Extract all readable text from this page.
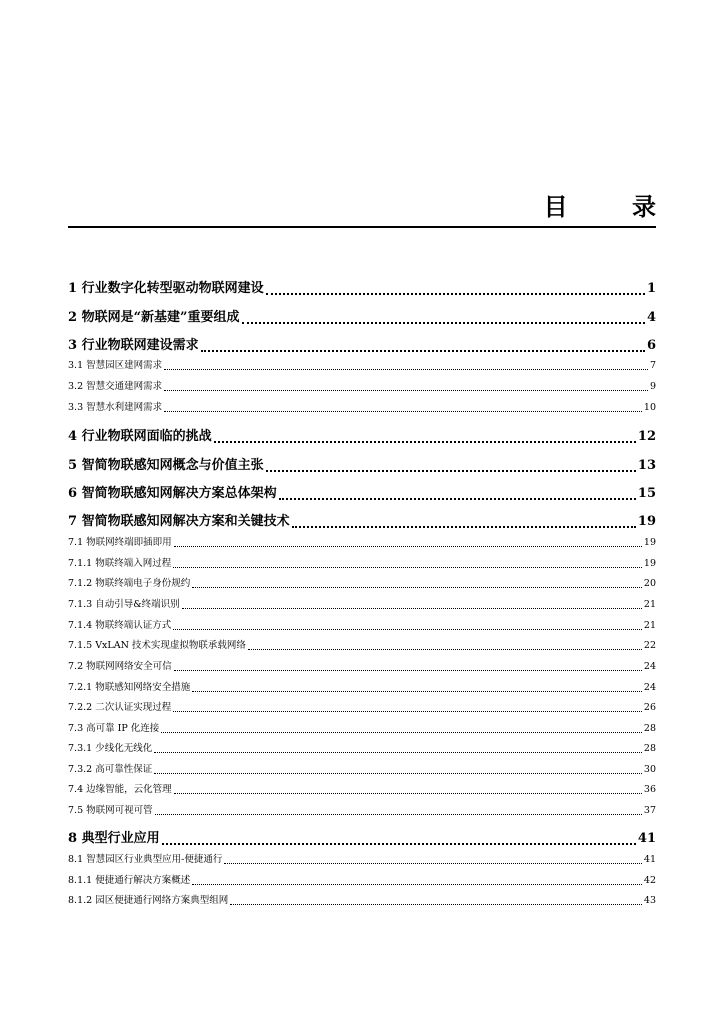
目 录
1 行业数字化转型驱动物联网建设	1
2 物联网是“新基建”重要组成	4
3 行业物联网建设需求	6
3.1 智慧园区建网需求	7
3.2 智慧交通建网需求	9
3.3 智慧水利建网需求	10
4 行业物联网面临的挑战	12
5 智简物联感知网概念与价值主张	13
6 智简物联感知网解决方案总体架构	15
7 智简物联感知网解决方案和关键技术	19
7.1 物联网终端即插即用	19
7.1.1 物联终端入网过程	19
7.1.2 物联终端电子身份规约	20
7.1.3 自动引导&终端识别	21
7.1.4 物联终端认证方式	21
7.1.5 VxLAN 技术实现虚拟物联承载网络	22
7.2 物联网网络安全可信	24
7.2.1 物联感知网络安全措施	24
7.2.2 二次认证实现过程	26
7.3 高可靠 IP 化连接	28
7.3.1 少线化无线化	28
7.3.2 高可靠性保证	30
7.4 边缘智能，云化管理	36
7.5 物联网可视可管	37
8 典型行业应用	41
8.1 智慧园区行业典型应用-便捷通行	41
8.1.1 便捷通行解决方案概述	42
8.1.2 园区便捷通行网络方案典型组网	43
